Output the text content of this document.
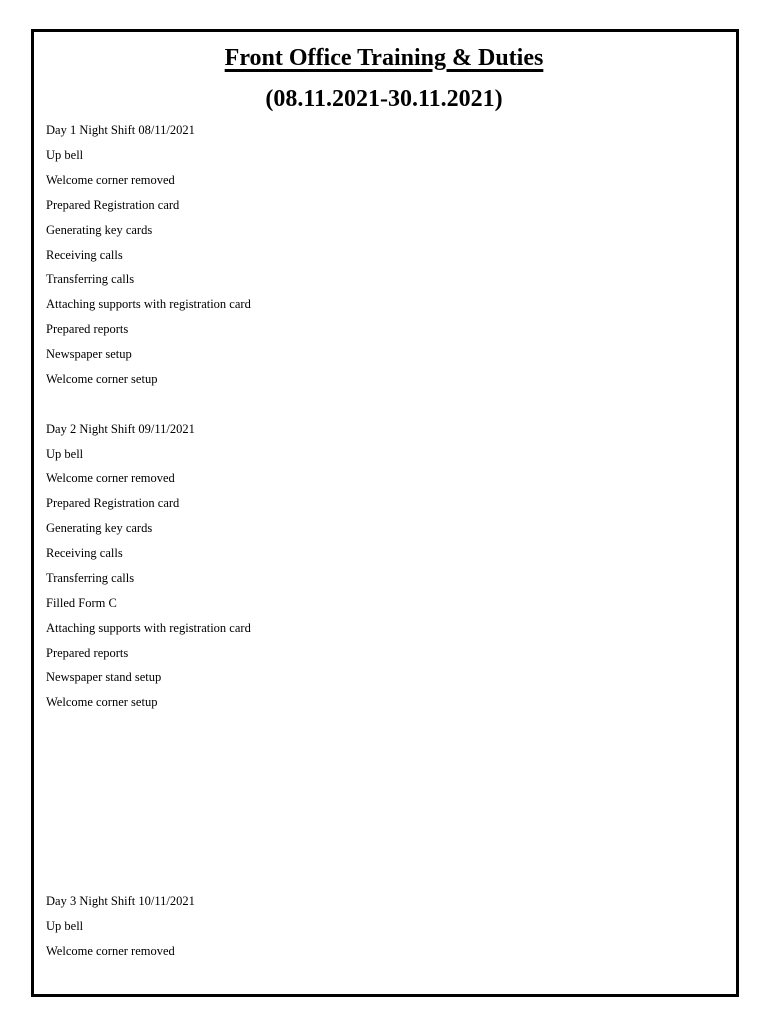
Front Office Training & Duties
(08.11.2021-30.11.2021)
Day 1 Night Shift 08/11/2021
Up bell
Welcome corner removed
Prepared Registration card
Generating key cards
Receiving calls
Transferring calls
Attaching supports with registration card
Prepared reports
Newspaper setup
Welcome corner setup
Day 2 Night Shift 09/11/2021
Up bell
Welcome corner removed
Prepared Registration card
Generating key cards
Receiving calls
Transferring calls
Filled Form C
Attaching supports with registration card
Prepared reports
Newspaper stand setup
Welcome corner setup
Day 3 Night Shift 10/11/2021
Up bell
Welcome corner removed
